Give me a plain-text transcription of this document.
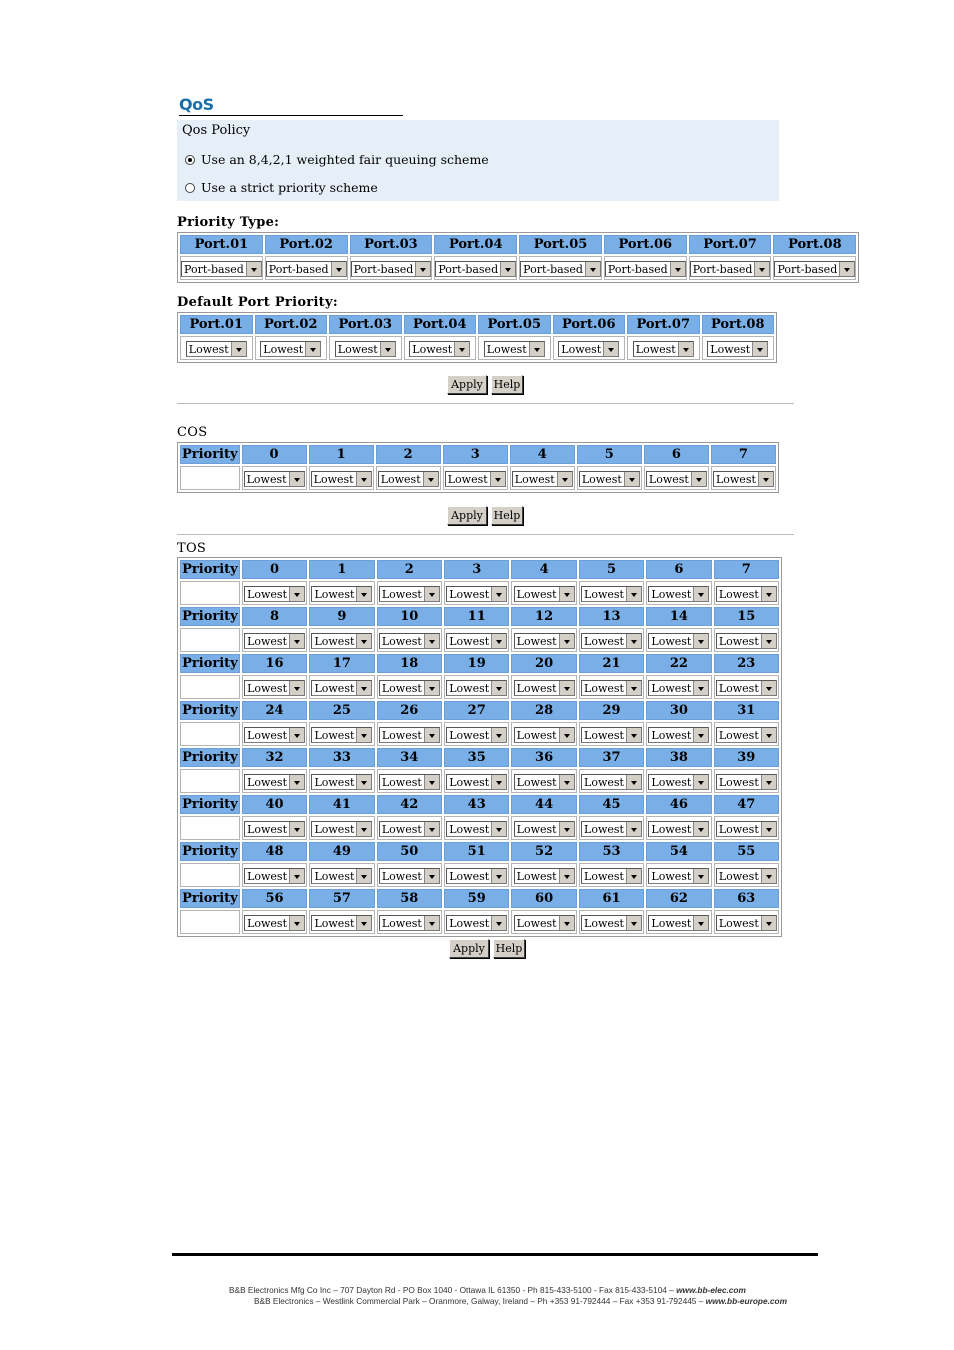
QoS
Qos Policy
Use an 8,4,2,1 weighted fair queuing scheme
Use a strict priority scheme
Priority Type:
Port.01	Port.02	Port.03	Port.04	Port.05	Port.06	Port.07	Port.08

Port-based	Port-based	Port-based	Port-based	Port-based	Port-based	Port-based	Port-based
Default Port Priority:
Port.01	Port.02	Port.03	Port.04	Port.05	Port.06	Port.07	Port.08

Lowest	Lowest	Lowest	Lowest	Lowest	Lowest	Lowest	Lowest
Apply Help
COS
Priority	0	1	2	3	4	5	6	7

	Lowest	Lowest	Lowest	Lowest	Lowest	Lowest	Lowest	Lowest
Apply Help
TOS
Priority	0	1	2	3	4	5	6	7

	Lowest	Lowest	Lowest	Lowest	Lowest	Lowest	Lowest	Lowest

Priority	8	9	10	11	12	13	14	15

	Lowest	Lowest	Lowest	Lowest	Lowest	Lowest	Lowest	Lowest

Priority	16	17	18	19	20	21	22	23

	Lowest	Lowest	Lowest	Lowest	Lowest	Lowest	Lowest	Lowest

Priority	24	25	26	27	28	29	30	31

	Lowest	Lowest	Lowest	Lowest	Lowest	Lowest	Lowest	Lowest

Priority	32	33	34	35	36	37	38	39

	Lowest	Lowest	Lowest	Lowest	Lowest	Lowest	Lowest	Lowest

Priority	40	41	42	43	44	45	46	47

	Lowest	Lowest	Lowest	Lowest	Lowest	Lowest	Lowest	Lowest

Priority	48	49	50	51	52	53	54	55

	Lowest	Lowest	Lowest	Lowest	Lowest	Lowest	Lowest	Lowest

Priority	56	57	58	59	60	61	62	63

	Lowest	Lowest	Lowest	Lowest	Lowest	Lowest	Lowest	Lowest
Apply Help
B&B Electronics Mfg Co Inc – 707 Dayton Rd - PO Box 1040 - Ottawa IL 61350 - Ph 815-433-5100 - Fax 815-433-5104 – www.bb-elec.com
B&B Electronics – Westlink Commercial Park – Oranmore, Galway, Ireland – Ph +353 91-792444 – Fax +353 91-792445 – www.bb-europe.com
